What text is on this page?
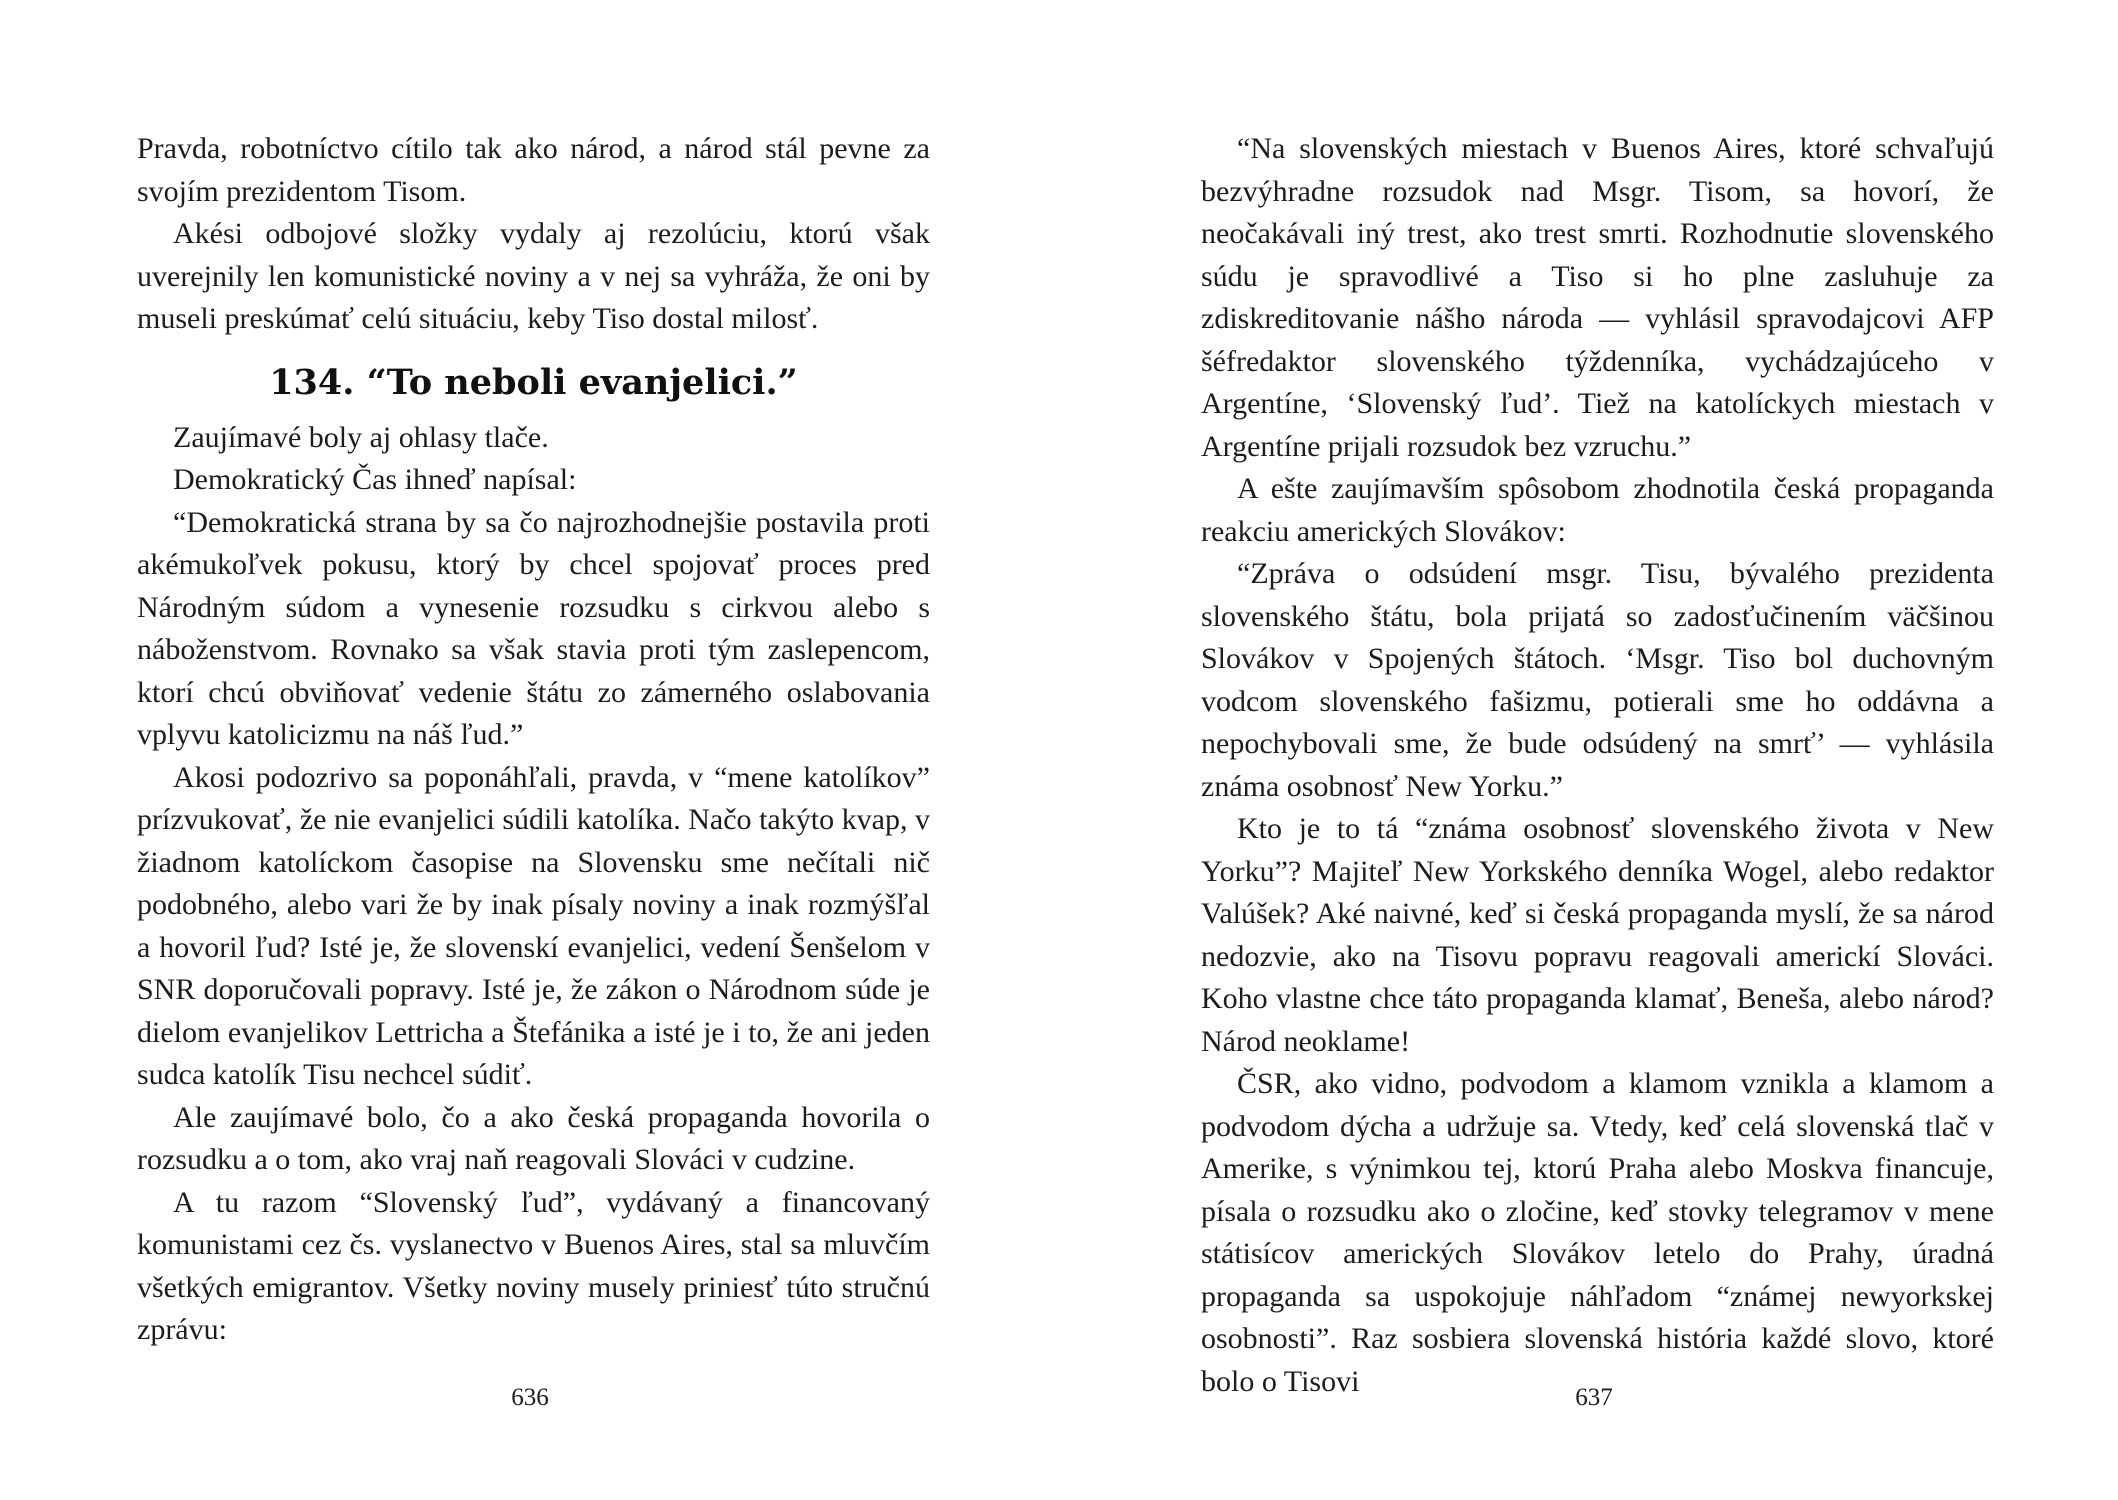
Pravda, robotníctvo cítilo tak ako národ, a národ stál pevne za svojím prezidentom Tisom.

Akési odbojové složky vydaly aj rezolúciu, ktorú však uverejnily len komunistické noviny a v nej sa vyhráža, že oni by museli preskúmať celú situáciu, keby Tiso dostal milosť.

134. “To neboli evanjelici.”

Zaujímavé boly aj ohlasy tlače.

Demokratický Čas ihneď napísal:

“Demokratická strana by sa čo najrozhodnejšie postavila proti akémukoľvek pokusu, ktorý by chcel spojovať proces pred Národným súdom a vynesenie rozsudku s cirkvou alebo s náboženstvom. Rovnako sa však stavia proti tým zaslepencom, ktorí chcú obviňovať vedenie štátu zo zámerného oslabovania vplyvu katolicizmu na náš ľud.”

Akosi podozrivo sa poponáhľali, pravda, v “mene katolíkov” prízvukovať, že nie evanjelici súdili katolíka. Načo takýto kvap, v žiadnom katolíckom časopise na Slovensku sme nečítali nič podobného, alebo vari že by inak písaly noviny a inak rozmýšľal a hovoril ľud? Isté je, že slovenskí evanjelici, vedení Šenšelom v SNR doporučovali popravy. Isté je, že zákon o Národnom súde je dielom evanjelikov Lettricha a Štefánika a isté je i to, že ani jeden sudca katolík Tisu nechcel súdiť.

Ale zaujímavé bolo, čo a ako česká propaganda hovorila o rozsudku a o tom, ako vraj naň reagovali Slováci v cudzine.

A tu razom “Slovenský ľud”, vydávaný a financovaný komunistami cez čs. vyslanectvo v Buenos Aires, stal sa mluvčím všetkých emigrantov. Všetky noviny musely priniesť túto stručnú zprávu:

“Na slovenských miestach v Buenos Aires, ktoré schvaľujú bezvýhradne rozsudok nad Msgr. Tisom, sa hovorí, že neočakávali iný trest, ako trest smrti. Rozhodnutie slovenského súdu je spravodlivé a Tiso si ho plne zasluhuje za zdiskreditovanie nášho národa — vyhlásil spravodajcovi AFP šéfredaktor slovenského týždenníka, vychádzajúceho v Argentíne, ‘Slovenský ľud’. Tiež na katolíckych miestach v Argentíne prijali rozsudok bez vzruchu.”

A ešte zaujímavším spôsobom zhodnotila česká propaganda reakciu amerických Slovákov:

“Zpráva o odsúdení msgr. Tisu, bývalého prezidenta slovenského štátu, bola prijatá so zadosťučinením väčšinou Slovákov v Spojených štátoch. ‘Msgr. Tiso bol duchovným vodcom slovenského fašizmu, potierali sme ho oddávna a nepochybovali sme, že bude odsúdený na smrť’ — vyhlásila známa osobnosť New Yorku.”

Kto je to tá “známa osobnosť slovenského života v New Yorku”? Majiteľ New Yorkského denníka Wogel, alebo redaktor Valúšek? Aké naivné, keď si česká propaganda myslí, že sa národ nedozvie, ako na Tisovu popravu reagovali americkí Slováci. Koho vlastne chce táto propaganda klamať, Beneša, alebo národ? Národ neoklame!

ČSR, ako vidno, podvodom a klamom vznikla a klamom a podvodom dýcha a udržuje sa. Vtedy, keď celá slovenská tlač v Amerike, s výnimkou tej, ktorú Praha alebo Moskva financuje, písala o rozsudku ako o zločine, keď stovky telegramov v mene státisícov amerických Slovákov letelo do Prahy, úradná propaganda sa uspokojuje náhľadom “známej newyorkskej osobnosti”. Raz sosbiera slovenská história každé slovo, ktoré bolo o Tisovi

636	637
